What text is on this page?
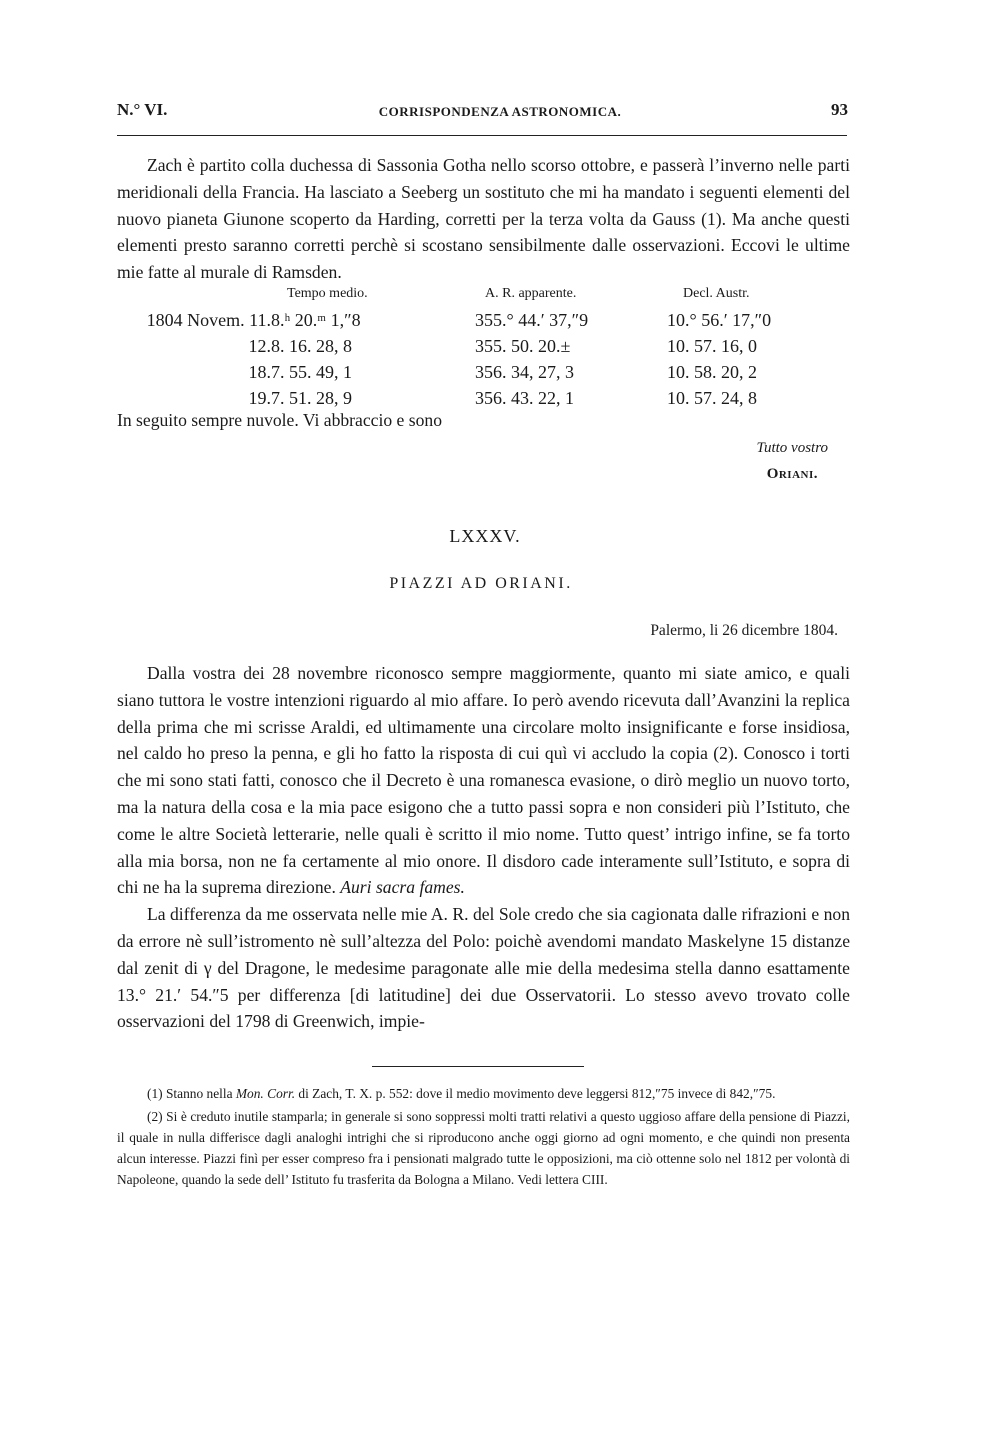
N.° VI.	CORRISPONDENZA ASTRONOMICA.	93

Zach è partito colla duchessa di Sassonia Gotha nello scorso ottobre, e passerà l’inverno nelle parti meridionali della Francia. Ha lasciato a Seeberg un sostituto che mi ha mandato i seguenti elementi del nuovo pianeta Giunone scoperto da Harding, corretti per la terza volta da Gauss (1). Ma anche questi elementi presto saranno corretti perchè si scostano sensibilmente dalle osservazioni. Eccovi le ultime mie fatte al murale di Ramsden.

Tempo medio.	A. R. apparente.	Decl. Austr.
1804 Novem. 11. 8.ʰ 20.ᵐ 1,″8	355.° 44.′ 37,″9	10.° 56.′ 17,″0
12. 8. 16. 28, 8	355. 50. 20.±	10. 57. 16, 0
18. 7. 55. 49, 1	356. 34, 27, 3	10. 58. 20, 2
19. 7. 51. 28, 9	356. 43. 22, 1	10. 57. 24, 8
In seguito sempre nuvole. Vi abbraccio e sono
Tutto vostro
Oriani.
LXXXV.
PIAZZI AD ORIANI.
Palermo, li 26 dicembre 1804.

Dalla vostra dei 28 novembre riconosco sempre maggiormente, quanto mi siate amico, e quali siano tuttora le vostre intenzioni riguardo al mio affare. Io però avendo ricevuta dall’Avanzini la replica della prima che mi scrisse Araldi, ed ultimamente una circolare molto insignificante e forse insidiosa, nel caldo ho preso la penna, e gli ho fatto la risposta di cui quì vi accludo la copia (2). Conosco i torti che mi sono stati fatti, conosco che il Decreto è una romanesca evasione, o dirò meglio un nuovo torto, ma la natura della cosa e la mia pace esigono che a tutto passi sopra e non consideri più l’Istituto, che come le altre Società letterarie, nelle quali è scritto il mio nome. Tutto quest’ intrigo infine, se fa torto alla mia borsa, non ne fa certamente al mio onore. Il disdoro cade interamente sull’Istituto, e sopra di chi ne ha la suprema direzione. Auri sacra fames.

La differenza da me osservata nelle mie A. R. del Sole credo che sia cagionata dalle rifrazioni e non da errore nè sull’istromento nè sull’altezza del Polo: poichè avendomi mandato Maskelyne 15 distanze dal zenit di γ del Dragone, le medesime paragonate alle mie della medesima stella danno esattamente 13.° 21.′ 54.″5 per differenza [di latitudine] dei due Osservatorii. Lo stesso avevo trovato colle osservazioni del 1798 di Greenwich, impie-

(1) Stanno nella Mon. Corr. di Zach, T. X. p. 552: dove il medio movimento deve leggersi 812,″75 invece di 842,″75.

(2) Si è creduto inutile stamparla; in generale si sono soppressi molti tratti relativi a questo uggioso affare della pensione di Piazzi, il quale in nulla differisce dagli analoghi intrighi che si riproducono anche oggi giorno ad ogni momento, e che quindi non presenta alcun interesse. Piazzi finì per esser compreso fra i pensionati malgrado tutte le opposizioni, ma ciò ottenne solo nel 1812 per volontà di Napoleone, quando la sede dell’ Istituto fu trasferita da Bologna a Milano. Vedi lettera CIII.
